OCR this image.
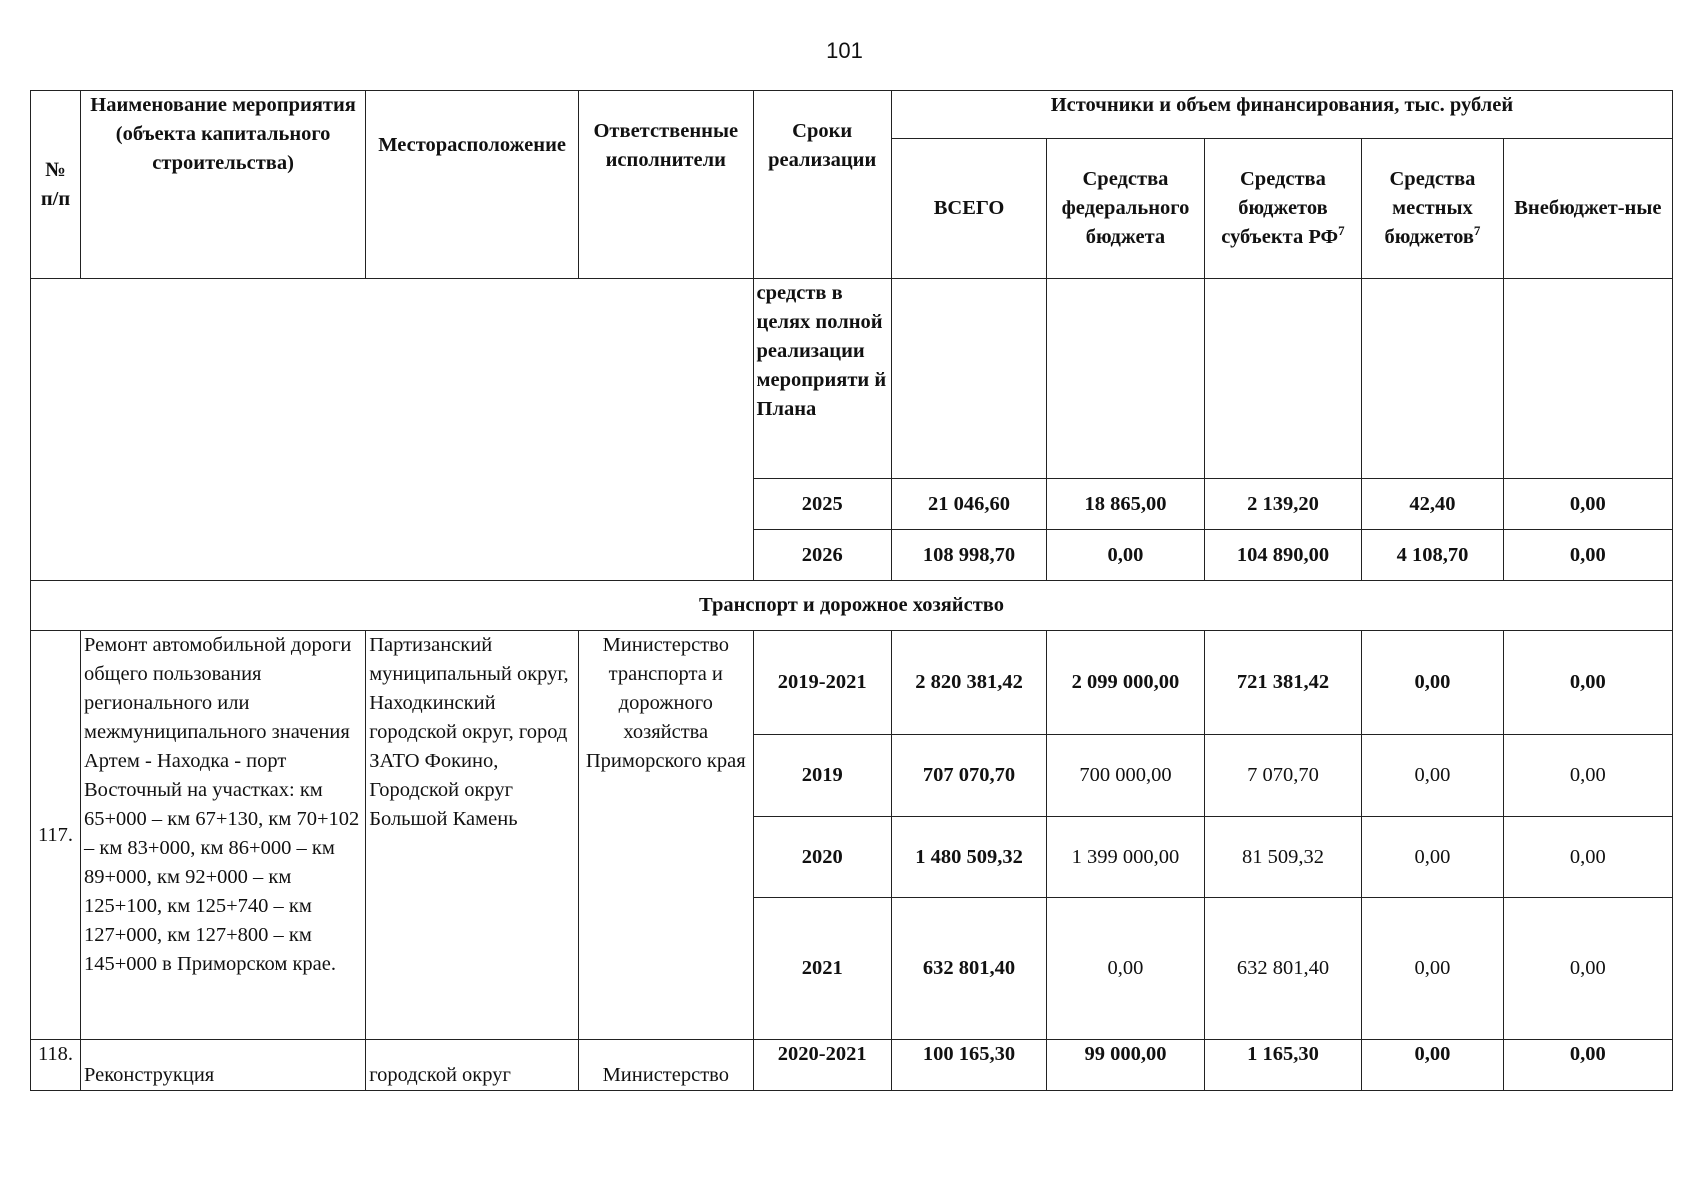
101
№ п/п	Наименование мероприятия (объекта капитального строительства)	Месторасположение	Ответственные исполнители	Сроки реализации	Источники и объем финансирования, тыс. рублей				
					ВСЕГО	Средства федерального бюджета	Средства бюджетов субъекта $РФ^7$	Средства местных бюджетов$^7$	Внебюджет-ные
				средств в целях полной реализации мероприяти й Плана					
				2025	21 046,60	18 865,00	2 139,20	42,40	0,00
				2026	108 998,70	0,00	104 890,00	4 108,70	0,00
Транспорт и дорожное хозяйство									
117.	Ремонт автомобильной дороги общего пользования регионального или межмуниципального значения Артем - Находка - порт Восточный на участках: км 65+000 – км 67+130, км 70+102 – км 83+000, км 86+000 – км 89+000, км 92+000 – км 125+100, км 125+740 – км 127+000, км 127+800 – км 145+000 в Приморском крае.	Партизанский муниципальный округ, Находкинский городской округ, город ЗАТО Фокино, Городской округ Большой Камень	Министерство транспорта и дорожного хозяйства Приморского края	2019-2021	2 820 381,42	2 099 000,00	721 381,42	0,00	0,00
				2019	707 070,70	700 000,00	7 070,70	0,00	0,00
				2020	1 480 509,32	1 399 000,00	81 509,32	0,00	0,00
				2021	632 801,40	0,00	632 801,40	0,00	0,00
118.	Реконструкция	городской округ	Министерство	2020-2021	100 165,30	99 000,00	1 165,30	0,00	0,00
